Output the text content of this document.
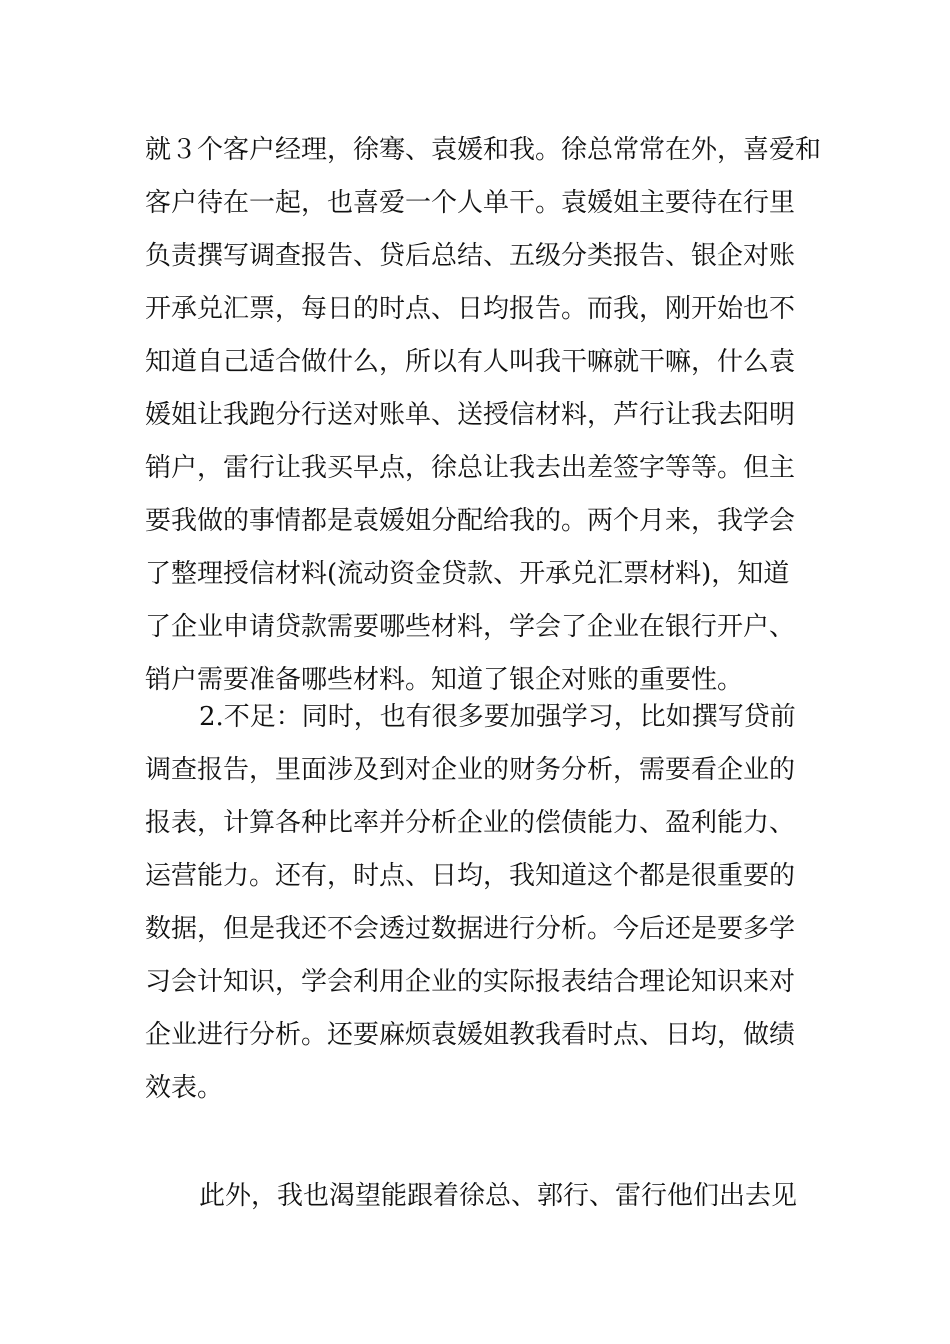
就３个客户经理，徐骞、袁媛和我。徐总常常在外，喜爱和
客户待在一起，也喜爱一个人单干。袁媛姐主要待在行里
负责撰写调查报告、贷后总结、五级分类报告、银企对账
开承兑汇票，每日的时点、日均报告。而我，刚开始也不
知道自己适合做什么，所以有人叫我干嘛就干嘛，什么袁
媛姐让我跑分行送对账单、送授信材料，芦行让我去阳明
销户，雷行让我买早点，徐总让我去出差签字等等。但主
要我做的事情都是袁媛姐分配给我的。两个月来，我学会
了整理授信材料(流动资金贷款、开承兑汇票材料)，知道
了企业申请贷款需要哪些材料，学会了企业在银行开户、
销户需要准备哪些材料。知道了银企对账的重要性。
2.不足：同时，也有很多要加强学习，比如撰写贷前
调查报告，里面涉及到对企业的财务分析，需要看企业的
报表，计算各种比率并分析企业的偿债能力、盈利能力、
运营能力。还有，时点、日均，我知道这个都是很重要的
数据，但是我还不会透过数据进行分析。今后还是要多学
习会计知识，学会利用企业的实际报表结合理论知识来对
企业进行分析。还要麻烦袁媛姐教我看时点、日均，做绩
效表。
此外，我也渴望能跟着徐总、郭行、雷行他们出去见
